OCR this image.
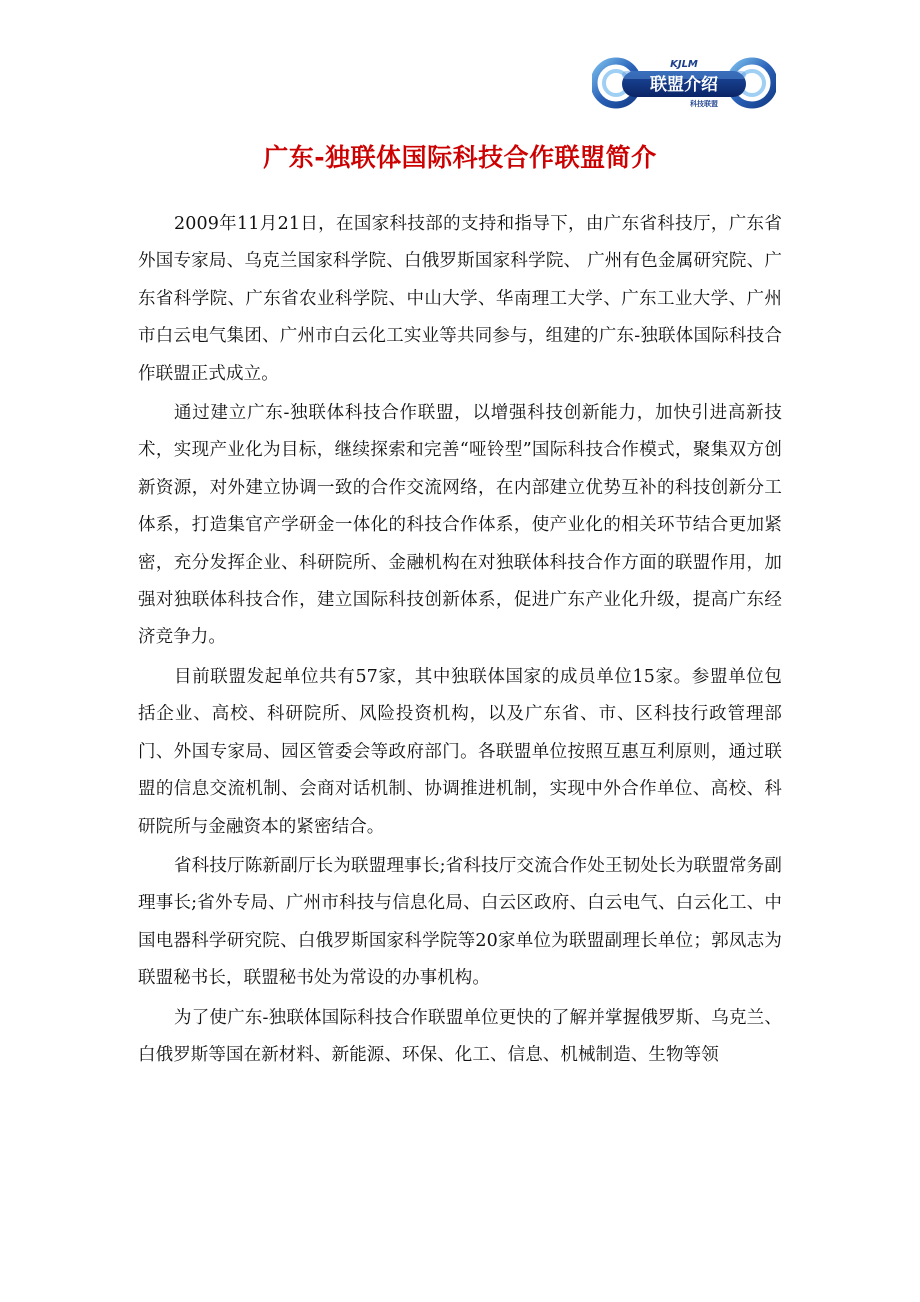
KJLM
联盟介绍
科技联盟
广东-独联体国际科技合作联盟简介

2009年11月21日，在国家科技部的支持和指导下，由广东省科技厅，广东省外国专家局、乌克兰国家科学院、白俄罗斯国家科学院、 广州有色金属研究院、广东省科学院、广东省农业科学院、中山大学、华南理工大学、广东工业大学、广州市白云电气集团、广州市白云化工实业等共同参与，组建的广东-独联体国际科技合作联盟正式成立。

通过建立广东-独联体科技合作联盟，以增强科技创新能力，加快引进高新技术，实现产业化为目标，继续探索和完善“哑铃型”国际科技合作模式，聚集双方创新资源，对外建立协调一致的合作交流网络，在内部建立优势互补的科技创新分工体系，打造集官产学研金一体化的科技合作体系，使产业化的相关环节结合更加紧密，充分发挥企业、科研院所、金融机构在对独联体科技合作方面的联盟作用，加强对独联体科技合作，建立国际科技创新体系，促进广东产业化升级，提高广东经济竞争力。

目前联盟发起单位共有57家，其中独联体国家的成员单位15家。参盟单位包括企业、高校、科研院所、风险投资机构，以及广东省、市、区科技行政管理部门、外国专家局、园区管委会等政府部门。各联盟单位按照互惠互利原则，通过联盟的信息交流机制、会商对话机制、协调推进机制，实现中外合作单位、高校、科研院所与金融资本的紧密结合。

省科技厅陈新副厅长为联盟理事长;省科技厅交流合作处王韧处长为联盟常务副理事长;省外专局、广州市科技与信息化局、白云区政府、白云电气、白云化工、中国电器科学研究院、白俄罗斯国家科学院等20家单位为联盟副理长单位；郭凤志为联盟秘书长，联盟秘书处为常设的办事机构。

为了使广东-独联体国际科技合作联盟单位更快的了解并掌握俄罗斯、乌克兰、白俄罗斯等国在新材料、新能源、环保、化工、信息、机械制造、生物等领
